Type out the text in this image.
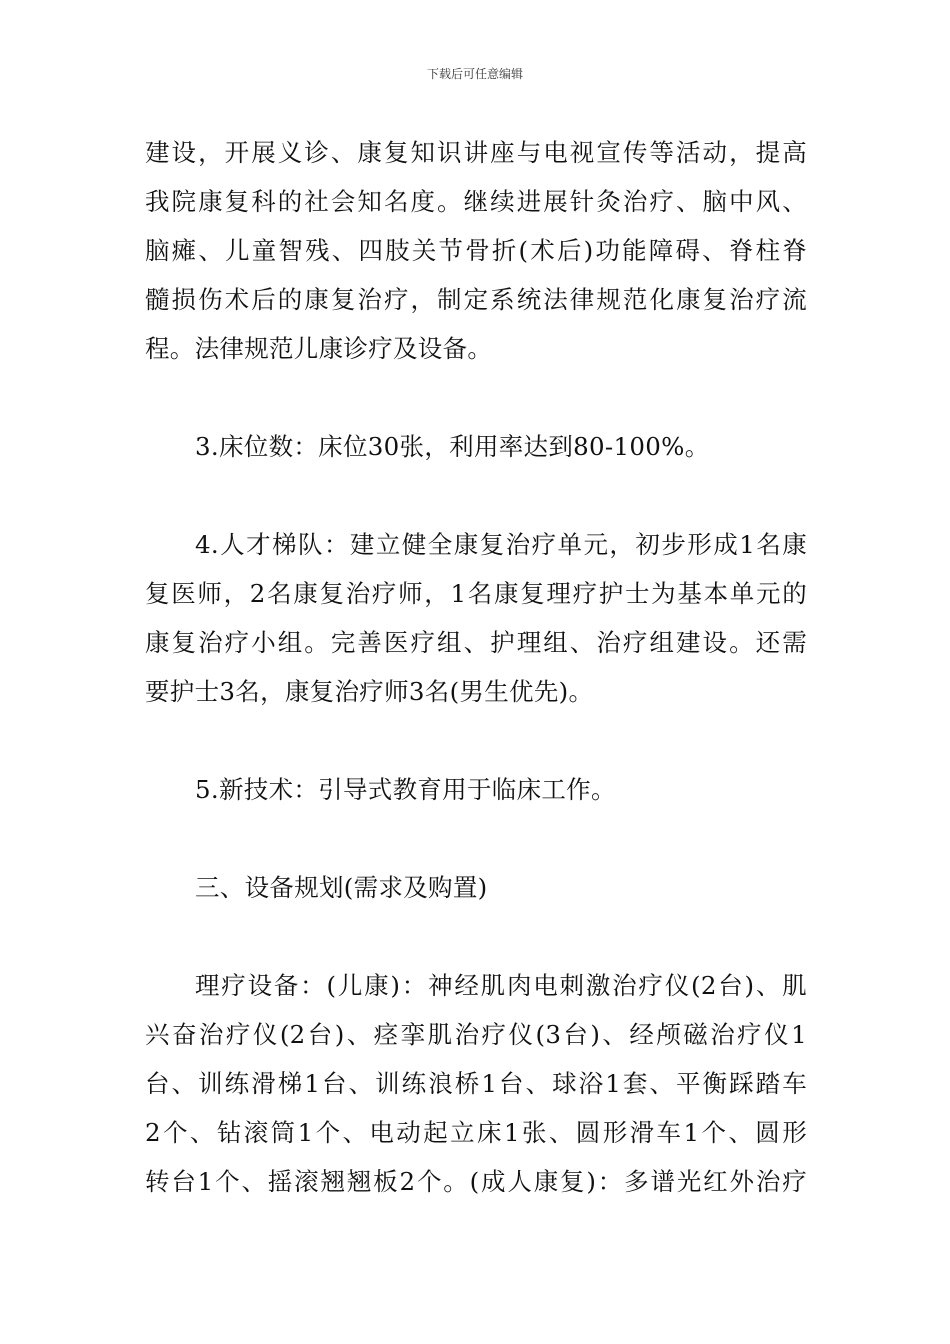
下载后可任意编辑
建设，开展义诊、康复知识讲座与电视宣传等活动，提高
我院康复科的社会知名度。继续进展针灸治疗、脑中风、
脑瘫、儿童智残、四肢关节骨折(术后)功能障碍、脊柱脊
髓损伤术后的康复治疗，制定系统法律规范化康复治疗流
程。法律规范儿康诊疗及设备。
3.床位数：床位30张，利用率达到80-100%。
4.人才梯队：建立健全康复治疗单元，初步形成1名康
复医师，2名康复治疗师，1名康复理疗护士为基本单元的
康复治疗小组。完善医疗组、护理组、治疗组建设。还需
要护士3名，康复治疗师3名(男生优先)。
5.新技术：引导式教育用于临床工作。
三、设备规划(需求及购置)
理疗设备：(儿康)：神经肌肉电刺激治疗仪(2台)、肌
兴奋治疗仪(2台)、痉挛肌治疗仪(3台)、经颅磁治疗仪1
台、训练滑梯1台、训练浪桥1台、球浴1套、平衡踩踏车
2个、钻滚筒1个、电动起立床1张、圆形滑车1个、圆形
转台1个、摇滚翘翘板2个。(成人康复)：多谱光红外治疗
